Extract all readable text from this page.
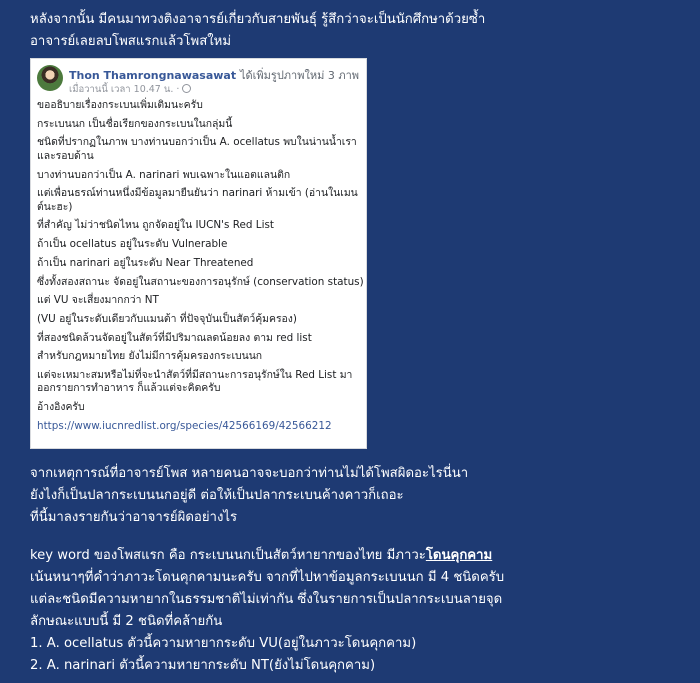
หลังจากนั้น มีคนมาทวงติงอาจารย์เกี่ยวกับสายพันธุ์ รู้สึกว่าจะเป็นนักศึกษาด้วยซ้ำ
อาจารย์เลยลบโพสแรกแล้วโพสใหม่
Thon Thamrongnawasawat ได้เพิ่มรูปภาพใหม่ 3 ภาพ
เมื่อวานนี้ เวลา 10.47 น. ·
ขออธิบายเรื่องกระเบนเพิ่มเติมนะครับ
กระเบนนก เป็นชื่อเรียกของกระเบนในกลุ่มนี้
ชนิดที่ปรากฏในภาพ บางท่านบอกว่าเป็น A. ocellatus พบในน่านน้ำเรา
และรอบด้าน
บางท่านบอกว่าเป็น A. narinari พบเฉพาะในแอตแลนติก
แต่เพื่อนธรณ์ท่านหนึ่งมีข้อมูลมายืนยันว่า narinari ห้ามเข้า (อ่านในเมน
ต์นะฮะ)
ที่สำคัญ ไม่ว่าชนิดไหน ถูกจัดอยู่ใน IUCN's Red List
ถ้าเป็น ocellatus อยู่ในระดับ Vulnerable
ถ้าเป็น narinari อยู่ในระดับ Near Threatened
ซึ่งทั้งสองสถานะ จัดอยู่ในสถานะของการอนุรักษ์ (conservation status)
แต่ VU จะเสี่ยงมากกว่า NT
(VU อยู่ในระดับเดียวกับแมนต้า ที่ปัจจุบันเป็นสัตว์คุ้มครอง)
ที่สองชนิดล้วนจัดอยู่ในสัตว์ที่มีปริมาณลดน้อยลง ตาม red list
สำหรับกฎหมายไทย ยังไม่มีการคุ้มครองกระเบนนก
แต่จะเหมาะสมหรือไม่ที่จะนำสัตว์ที่มีสถานะการอนุรักษ์ใน Red List มา
ออกรายการทำอาหาร ก็แล้วแต่จะคิดครับ
อ้างอิงครับ
https://www.iucnredlist.org/species/42566169/42566212
จากเหตุการณ์ที่อาจารย์โพส หลายคนอาจจะบอกว่าท่านไม่ได้โพสผิดอะไรนี่นา
ยังไงก็เป็นปลากระเบนนกอยู่ดี ต่อให้เป็นปลากระเบนค้างคาวก็เถอะ
ที่นี้มาลงรายกันว่าอาจารย์ผิดอย่างไร
key word ของโพสแรก คือ กระเบนนกเป็นสัตว์หายากของไทย มีภาวะโดนคุกคาม
เน้นหนาๆที่คำว่าภาวะโดนคุกคามนะครับ จากที่ไปหาข้อมูลกระเบนนก มี 4 ชนิดครับ
แต่ละชนิดมีความหายากในธรรมชาติไม่เท่ากัน ซึ่งในรายการเป็นปลากระเบนลายจุด
ลักษณะแบบนี้ มี 2 ชนิดที่คล้ายกัน
1. A. ocellatus ตัวนี้ความหายากระดับ VU(อยู่ในภาวะโดนคุกคาม)
2. A. narinari ตัวนี้ความหายากระดับ NT(ยังไม่โดนคุกคาม)
